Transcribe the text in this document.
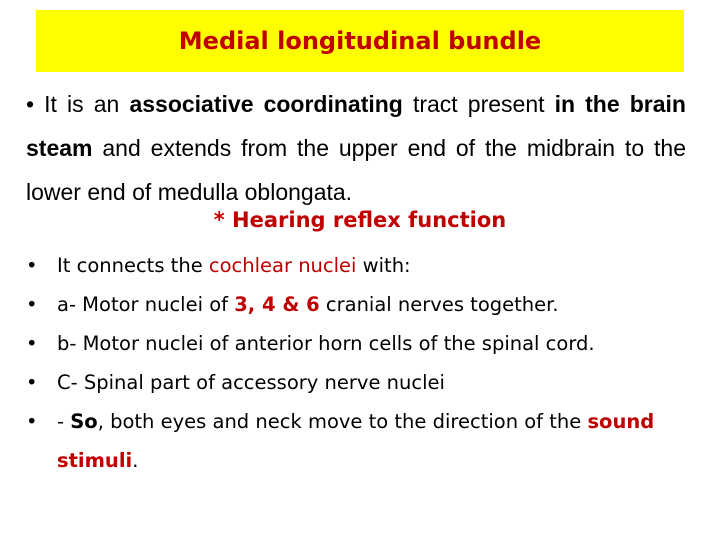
Medial longitudinal bundle
• It is an associative coordinating tract present in the brain steam and extends from the upper end of the midbrain to the lower end of medulla oblongata.
* Hearing reflex function
• It connects the cochlear nuclei with:
• a- Motor nuclei of 3, 4 & 6 cranial nerves together.
• b- Motor nuclei of anterior horn cells of the spinal cord.
• C- Spinal part of accessory nerve nuclei
• - So, both eyes and neck move to the direction of the sound stimuli.
